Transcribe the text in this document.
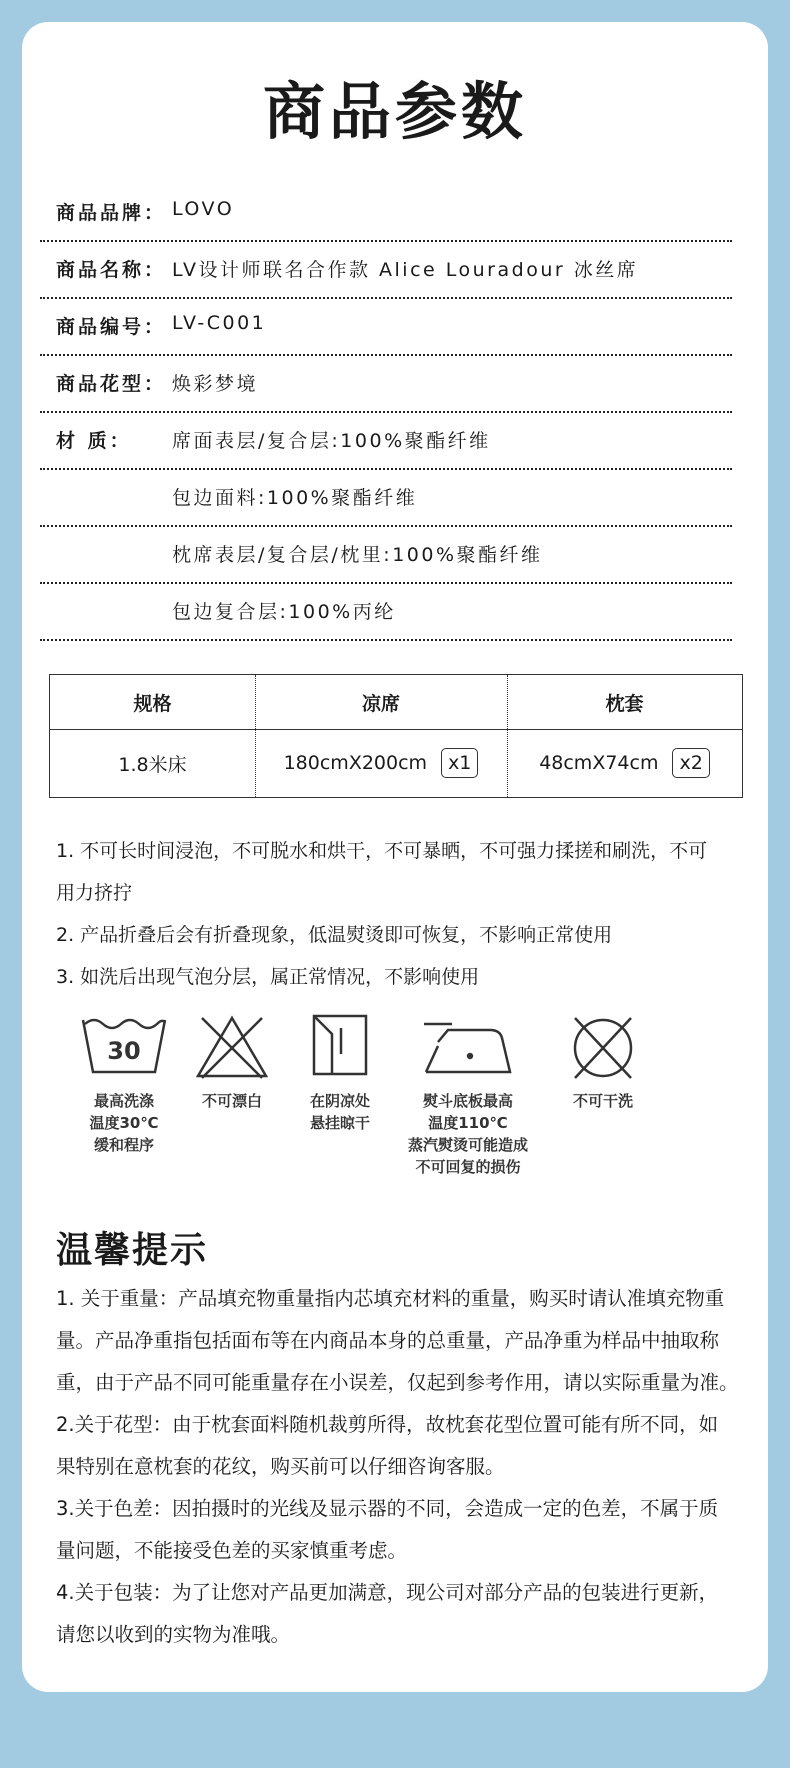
商品参数
商品品牌： LOVO
商品名称： LV设计师联名合作款 Alice Louradour 冰丝席
商品编号： LV-C001
商品花型： 焕彩梦境
材 质：	席面表层/复合层:100%聚酯纤维
包边面料:100%聚酯纤维
枕席表层/复合层/枕里:100%聚酯纤维
包边复合层:100%丙纶
规格	凉席	枕套
1.8米床	180cmX200cm	x1	48cmX74cm	x2

1. 不可长时间浸泡，不可脱水和烘干，不可暴晒，不可强力揉搓和刷洗，不可

用力挤拧

2. 产品折叠后会有折叠现象，低温熨烫即可恢复，不影响正常使用

3. 如洗后出现气泡分层，属正常情况，不影响使用

30
最高洗涤
温度30℃
缓和程序
不可漂白	在阴凉处
悬挂晾干
熨斗底板最高
温度110℃
蒸汽熨烫可能造成
不可回复的损伤
不可干洗
温馨提示

1. 关于重量：产品填充物重量指内芯填充材料的重量，购买时请认准填充物重

量。产品净重指包括面布等在内商品本身的总重量，产品净重为样品中抽取称

重，由于产品不同可能重量存在小误差，仅起到参考作用，请以实际重量为准。

2.关于花型：由于枕套面料随机裁剪所得，故枕套花型位置可能有所不同，如

果特别在意枕套的花纹，购买前可以仔细咨询客服。

3.关于色差：因拍摄时的光线及显示器的不同，会造成一定的色差，不属于质

量问题，不能接受色差的买家慎重考虑。

4.关于包装：为了让您对产品更加满意，现公司对部分产品的包装进行更新，

请您以收到的实物为准哦。
